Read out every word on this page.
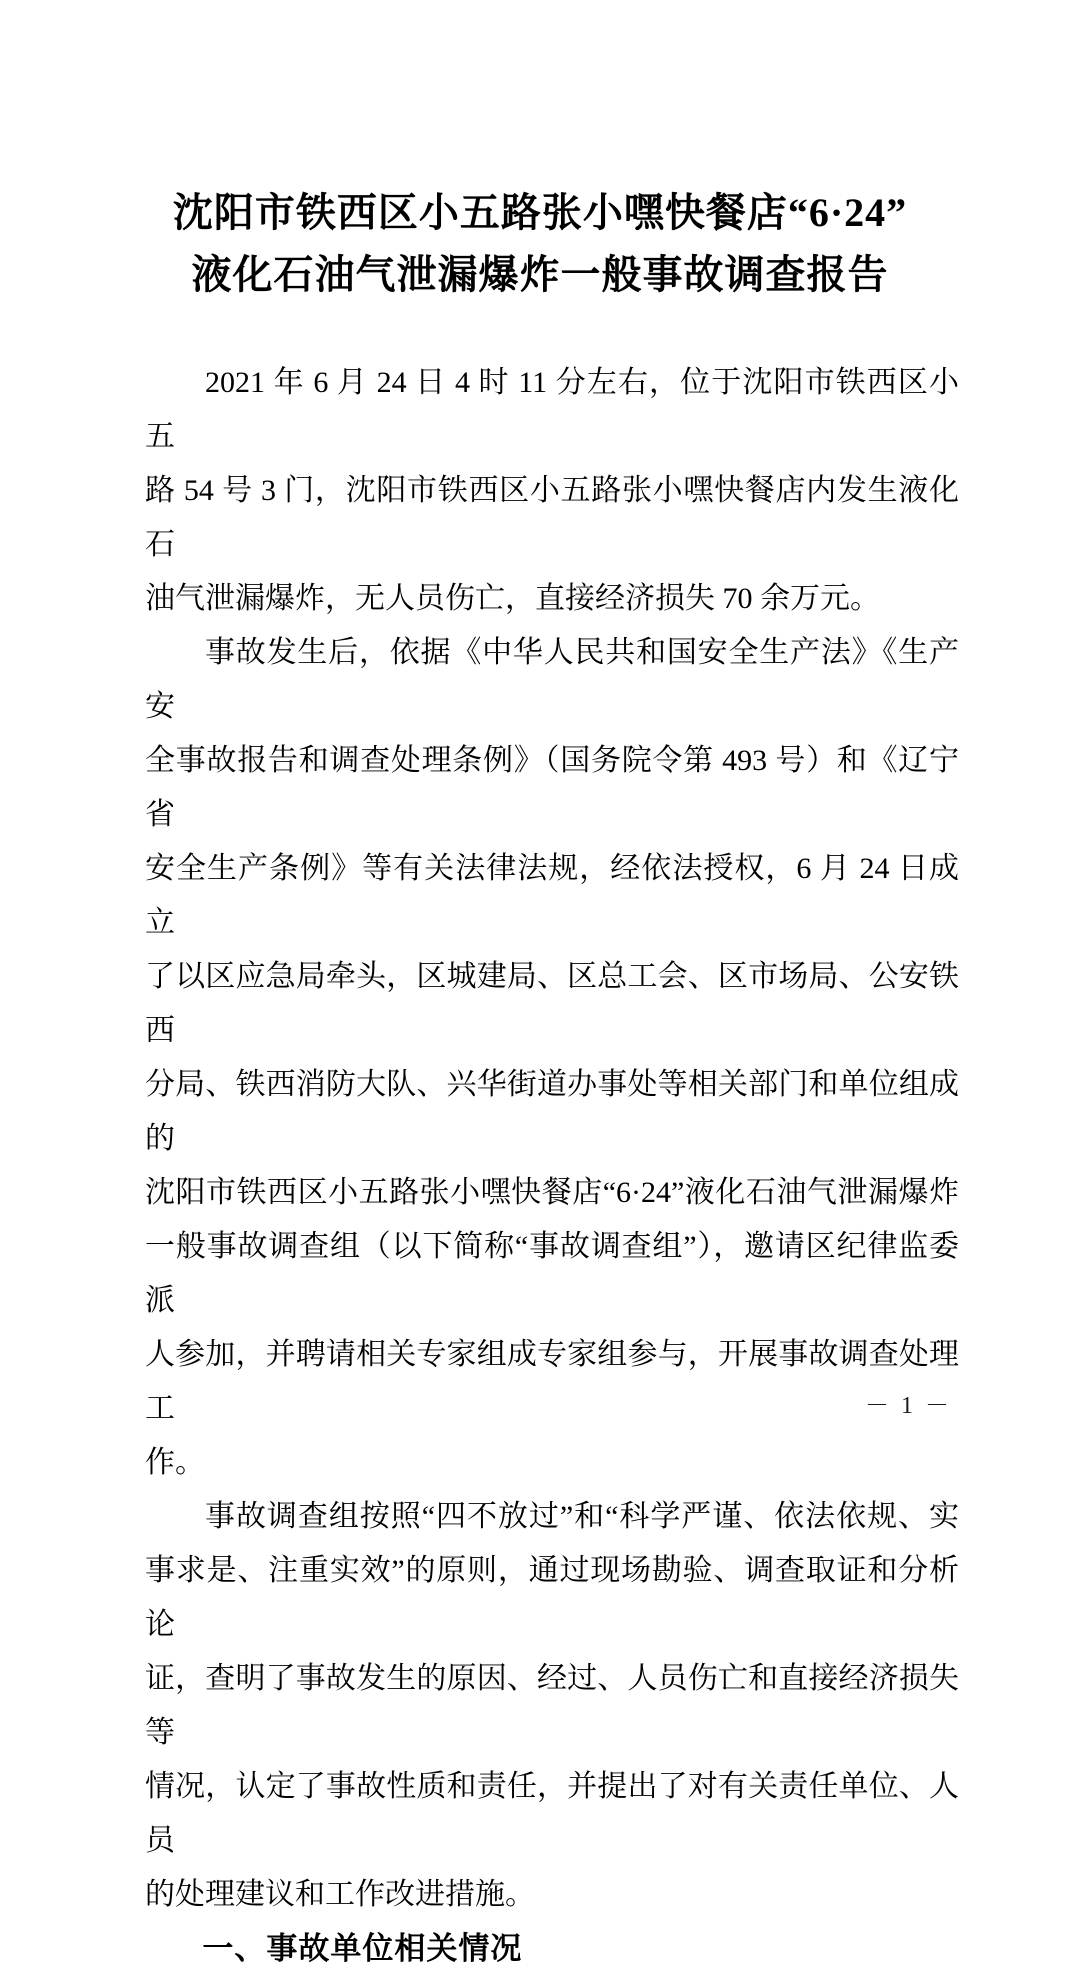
沈阳市铁西区小五路张小嘿快餐店“6·24”
液化石油气泄漏爆炸一般事故调查报告
2021 年 6 月 24 日 4 时 11 分左右，位于沈阳市铁西区小五
路 54 号 3 门，沈阳市铁西区小五路张小嘿快餐店内发生液化石
油气泄漏爆炸，无人员伤亡，直接经济损失 70 余万元。
事故发生后，依据《中华人民共和国安全生产法》《生产安
全事故报告和调查处理条例》（国务院令第 493 号）和《辽宁省
安全生产条例》等有关法律法规，经依法授权，6 月 24 日成立
了以区应急局牵头，区城建局、区总工会、区市场局、公安铁西
分局、铁西消防大队、兴华街道办事处等相关部门和单位组成的
沈阳市铁西区小五路张小嘿快餐店“6·24”液化石油气泄漏爆炸
一般事故调查组（以下简称“事故调查组”），邀请区纪律监委派
人参加，并聘请相关专家组成专家组参与，开展事故调查处理工
作。
事故调查组按照“四不放过”和“科学严谨、依法依规、实
事求是、注重实效”的原则，通过现场勘验、调查取证和分析论
证，查明了事故发生的原因、经过、人员伤亡和直接经济损失等
情况，认定了事故性质和责任，并提出了对有关责任单位、人员
的处理建议和工作改进措施。
一、事故单位相关情况
－ 1 －
